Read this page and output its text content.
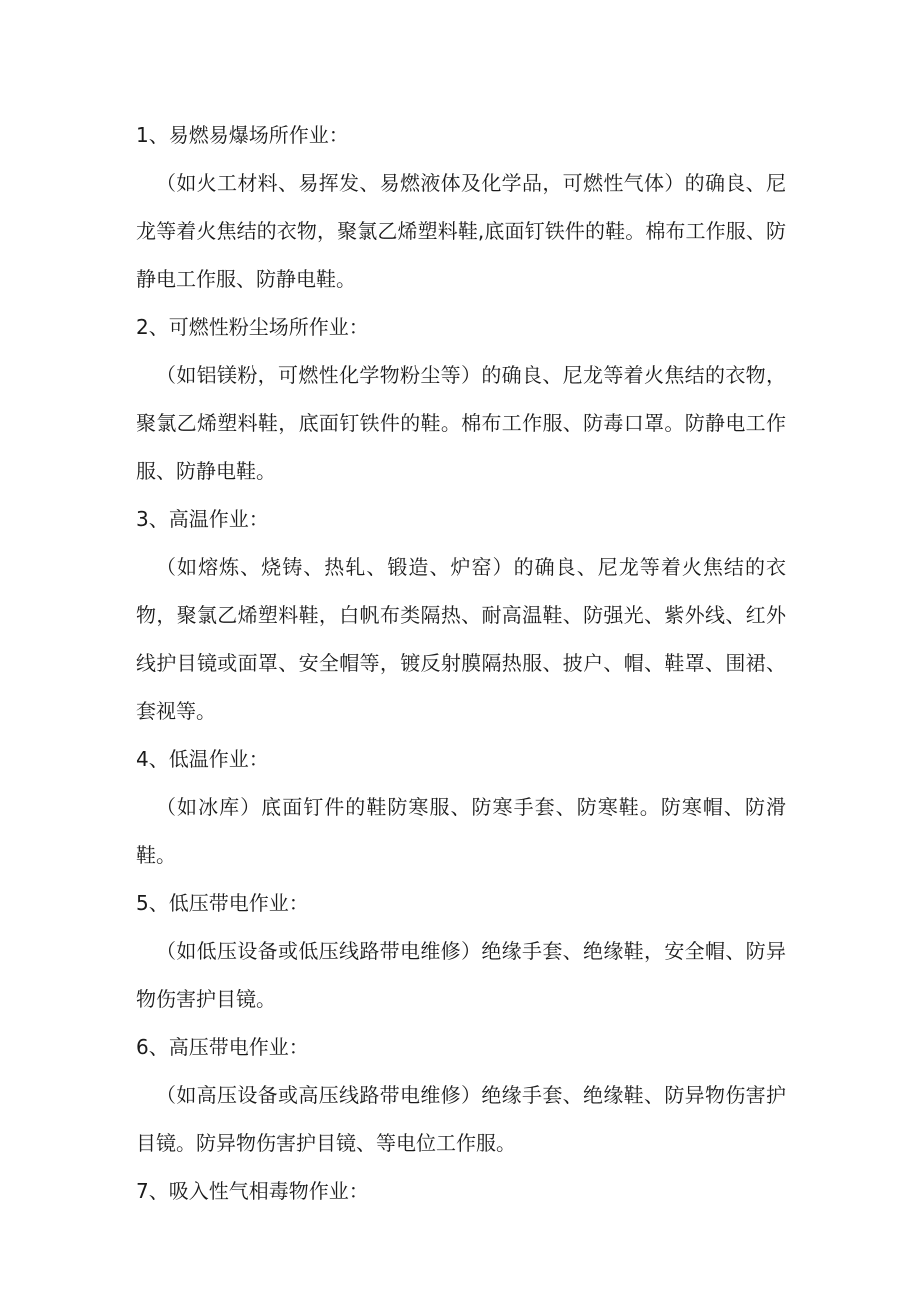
1、易燃易爆场所作业：

（如火工材料、易挥发、易燃液体及化学品，可燃性气体）的确良、尼龙等着火焦结的衣物，聚氯乙烯塑料鞋,底面钉铁件的鞋。棉布工作服、防静电工作服、防静电鞋。

2、可燃性粉尘场所作业：

（如铝镁粉，可燃性化学物粉尘等）的确良、尼龙等着火焦结的衣物，聚氯乙烯塑料鞋，底面钉铁件的鞋。棉布工作服、防毒口罩。防静电工作服、防静电鞋。

3、高温作业：

（如熔炼、烧铸、热轧、锻造、炉窑）的确良、尼龙等着火焦结的衣物，聚氯乙烯塑料鞋，白帆布类隔热、耐高温鞋、防强光、紫外线、红外线护目镜或面罩、安全帽等，镀反射膜隔热服、披户、帽、鞋罩、围裙、套视等。

4、低温作业：

（如冰库）底面钉件的鞋防寒服、防寒手套、防寒鞋。防寒帽、防滑鞋。

5、低压带电作业：

（如低压设备或低压线路带电维修）绝缘手套、绝缘鞋，安全帽、防异物伤害护目镜。

6、高压带电作业：

（如高压设备或高压线路带电维修）绝缘手套、绝缘鞋、防异物伤害护目镜。防异物伤害护目镜、等电位工作服。

7、吸入性气相毒物作业：
